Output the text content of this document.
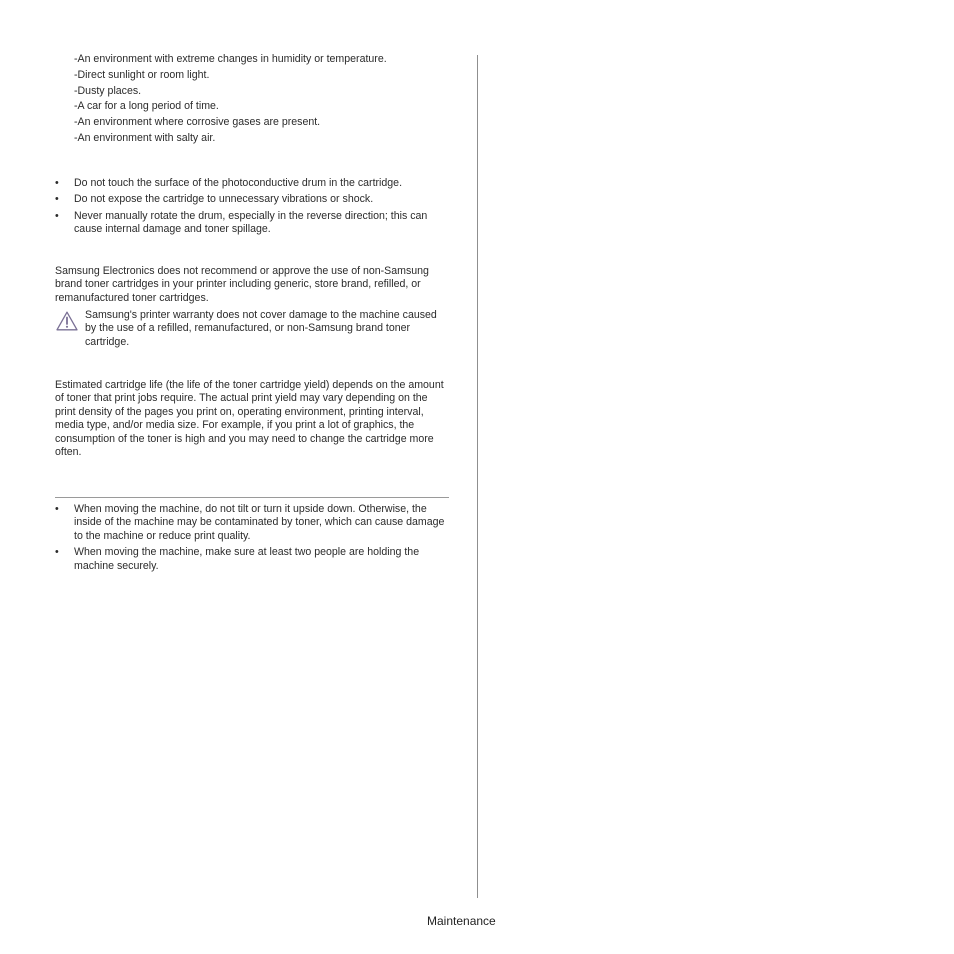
-An environment with extreme changes in humidity or temperature.
-Direct sunlight or room light.
-Dusty places.
-A car for a long period of time.
-An environment where corrosive gases are present.
-An environment with salty air.
• Do not touch the surface of the photoconductive drum in the cartridge.
• Do not expose the cartridge to unnecessary vibrations or shock.
• Never manually rotate the drum, especially in the reverse direction; this can cause internal damage and toner spillage.

Samsung Electronics does not recommend or approve the use of non-Samsung brand toner cartridges in your printer including generic, store brand, refilled, or remanufactured toner cartridges.

Samsung's printer warranty does not cover damage to the machine caused by the use of a refilled, remanufactured, or non-Samsung brand toner cartridge.

Estimated cartridge life (the life of the toner cartridge yield) depends on the amount of toner that print jobs require. The actual print yield may vary depending on the print density of the pages you print on, operating environment, printing interval, media type, and/or media size. For example, if you print a lot of graphics, the consumption of the toner is high and you may need to change the cartridge more often.

• When moving the machine, do not tilt or turn it upside down. Otherwise, the inside of the machine may be contaminated by toner, which can cause damage to the machine or reduce print quality.
• When moving the machine, make sure at least two people are holding the machine securely.
Maintenance
